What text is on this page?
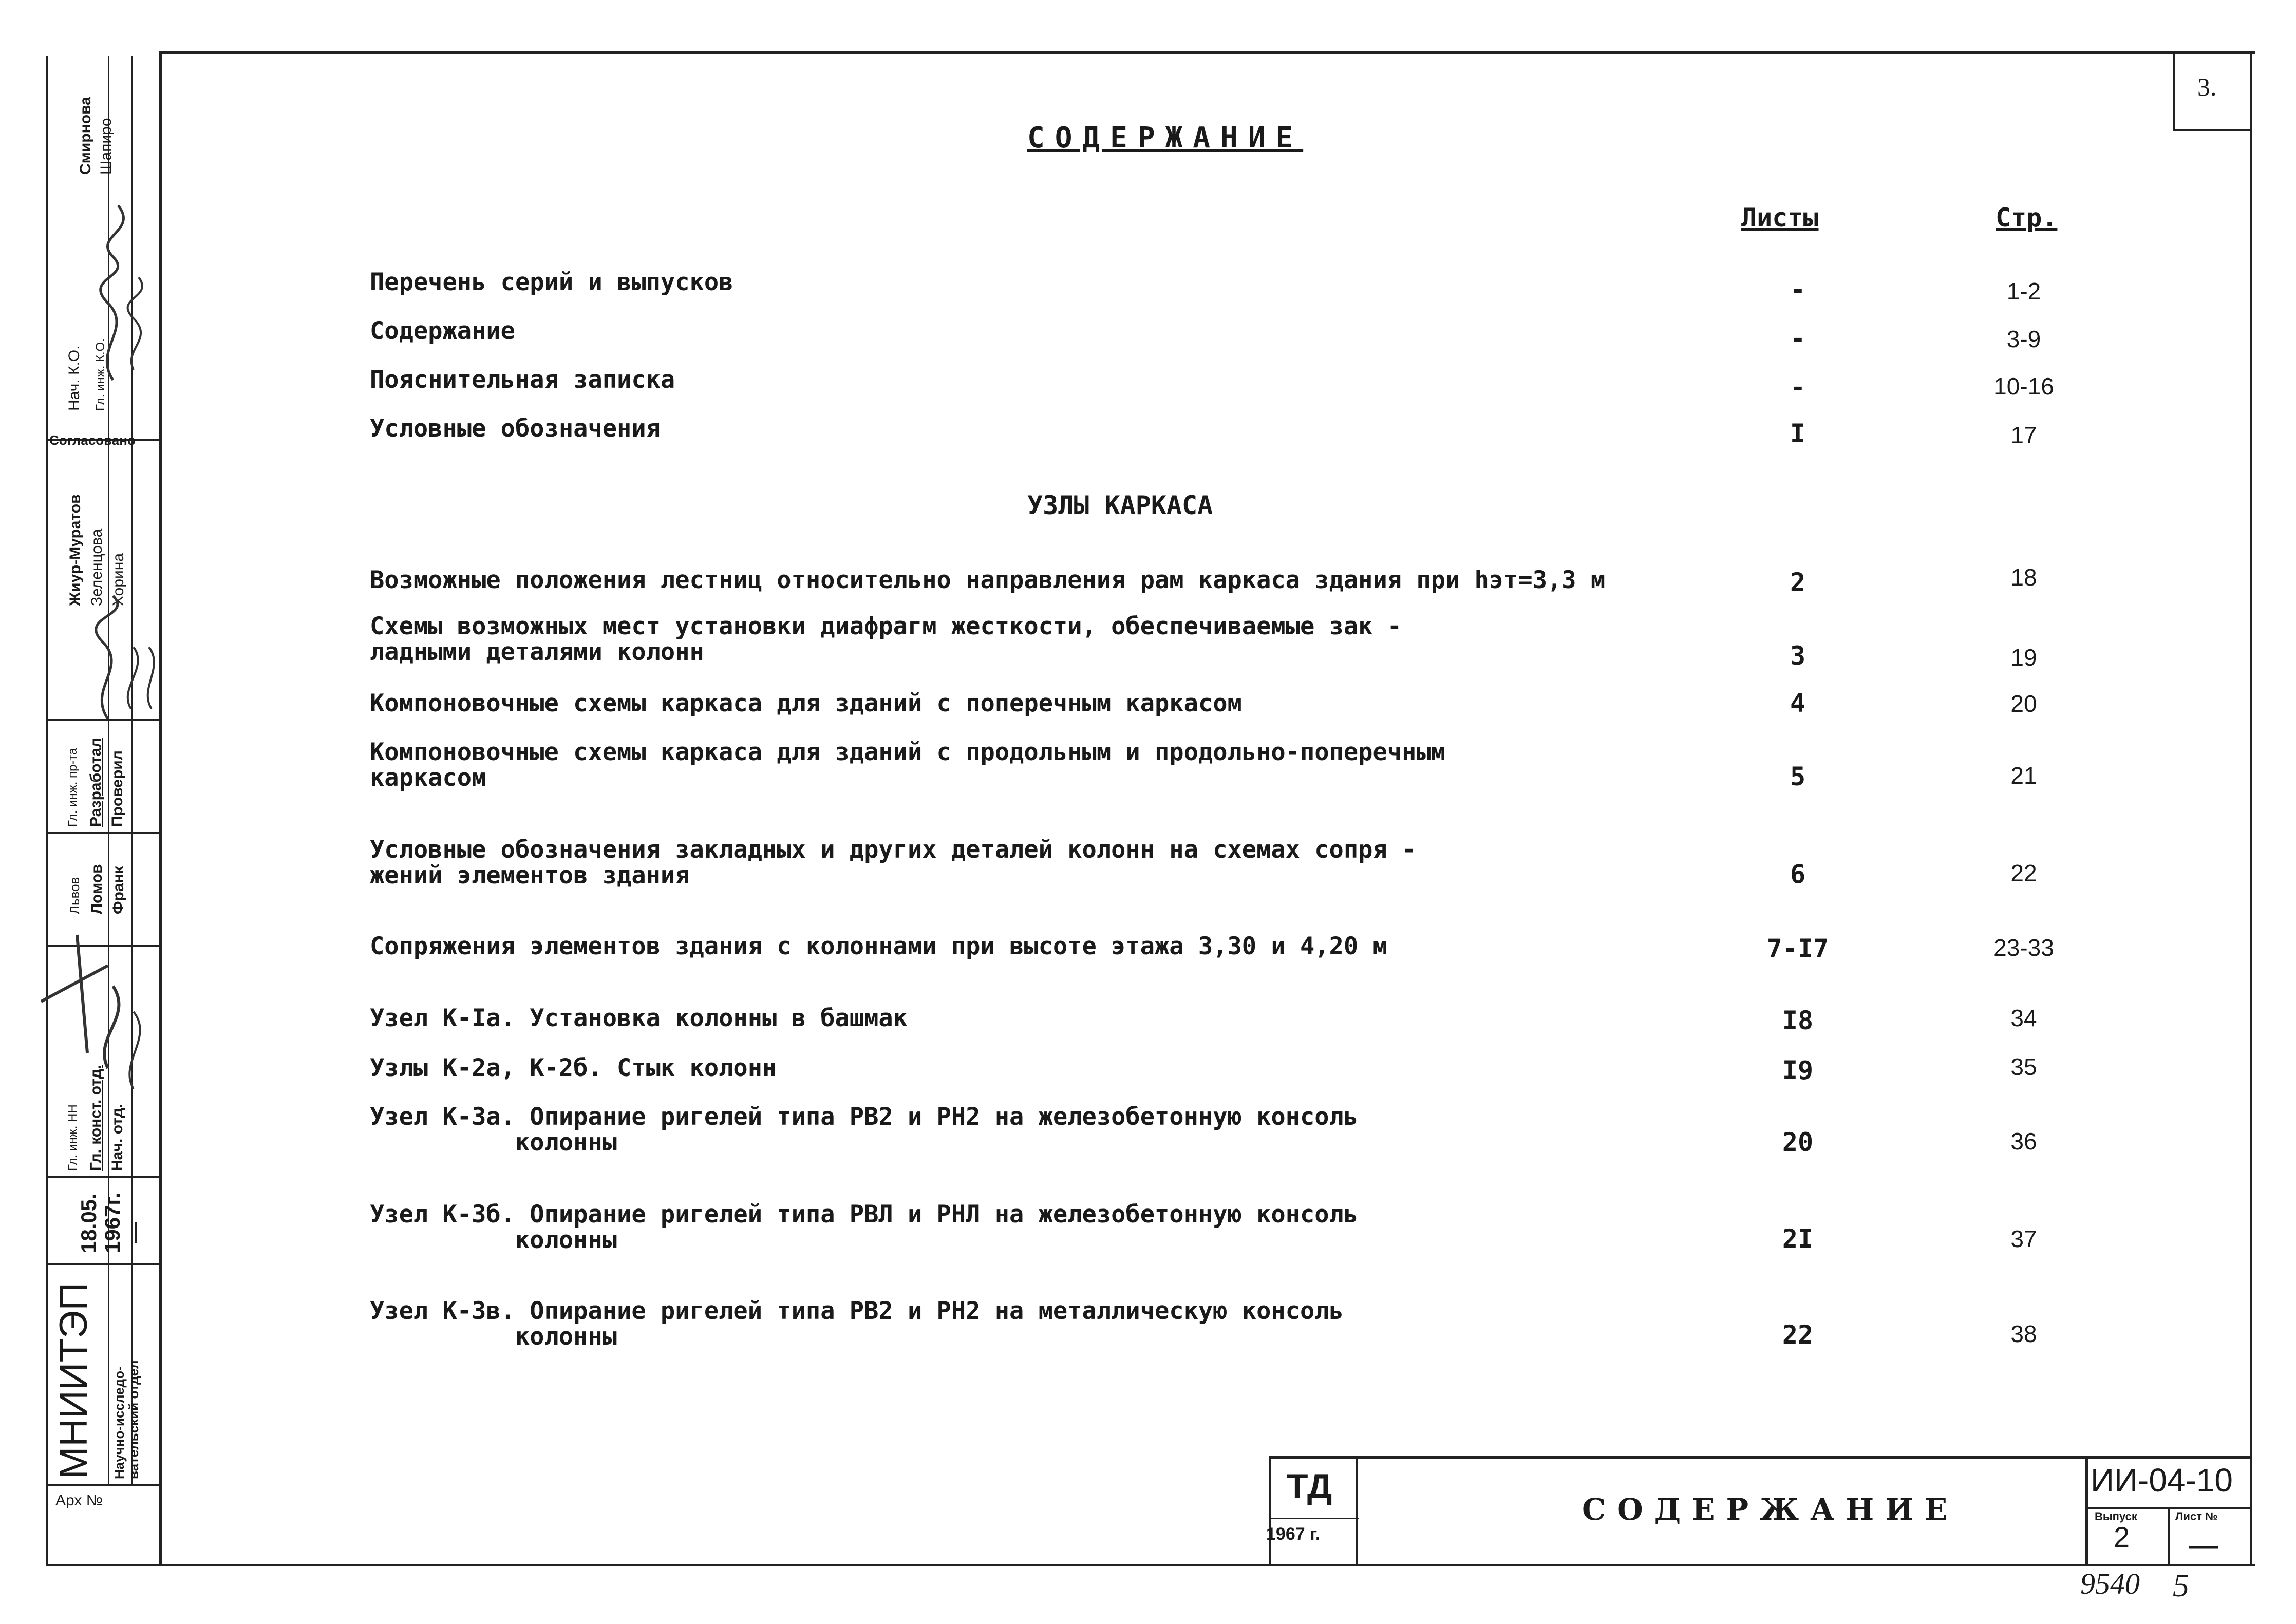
МНИИТЭП Научно-исследо-
вательский отдел
18.05.
1967г.
Арх №
Согласовано
Нач. К.О. Гл. инж. К.О.
Гл. инж. пр-та Разработал Проверил
Гл. инж. НН Гл. конст. отд. Нач. отд.
Смирнова Шапиро
Жиур-Муратов Зеленцова Хорина
Львов Ломов Франк
3.
СОДЕРЖАНИЕ
Листы	Стр.
Перечень серий и выпусков	-	1-2
Содержание	-	3-9
Пояснительная записка	-	10-16
Условные обозначения	I	17
УЗЛЫ КАРКАСА
Возможные положения лестниц относительно направления рам каркаса здания при hэт=3,3 м	2	18
Схемы возможных мест установки диафрагм жесткости, обеспечиваемые зак -
ладными деталями колонн	3	19
Компоновочные схемы каркаса для зданий с поперечным каркасом	4	20
Компоновочные схемы каркаса для зданий с продольным и продольно-поперечным
каркасом	5	21
Условные обозначения закладных и других деталей колонн на схемах сопря -
жений элементов здания	6	22
Сопряжения элементов здания с колоннами при высоте этажа 3,30 и 4,20 м	7-I7	23-33
Узел К-Iа. Установка колонны в башмак	I8	34
Узлы К-2а, К-2б. Стык колонн	I9	35
Узел К-3а. Опирание ригелей типа РВ2 и РН2 на железобетонную консоль
колонны	20	36
Узел К-3б. Опирание ригелей типа РВЛ и РНЛ на железобетонную консоль
колонны	2I	37
Узел К-3в. Опирание ригелей типа РВ2 и РН2 на металлическую консоль
колонны	22	38
ТД
1967 г.
СОДЕРЖАНИЕ
ИИ-04-10
Выпуск
2
Лист №
—
9540 5
